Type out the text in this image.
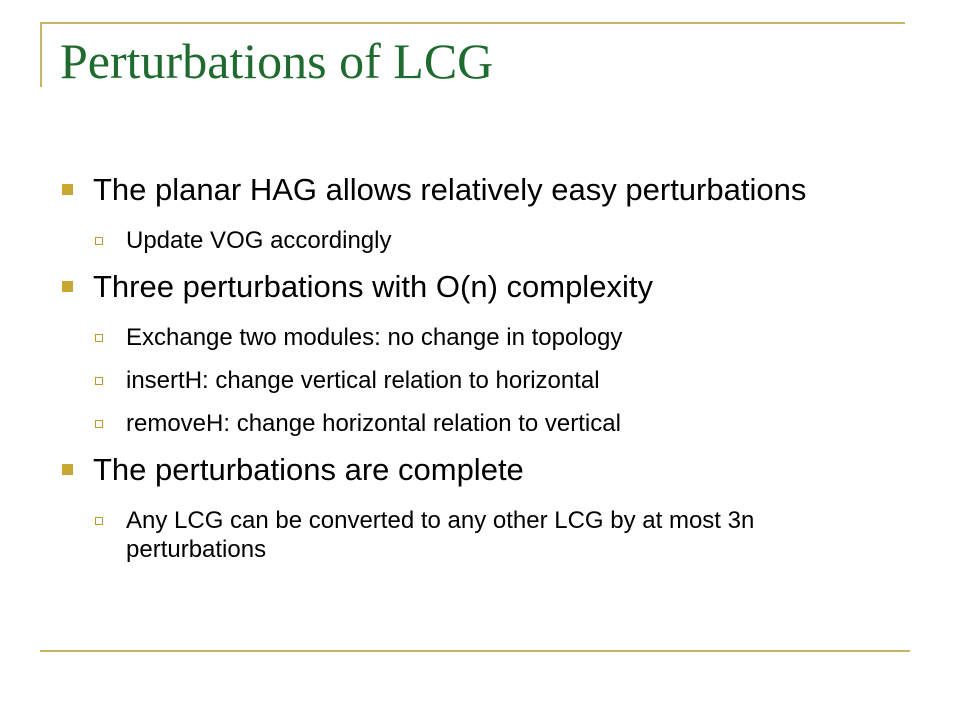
Perturbations of LCG
The planar HAG allows relatively easy perturbations
Update VOG accordingly
Three perturbations with O(n) complexity
Exchange two modules: no change in topology
insertH: change vertical relation to horizontal
removeH: change horizontal relation to vertical
The perturbations are complete
Any LCG can be converted to any other LCG by at most 3n perturbations
